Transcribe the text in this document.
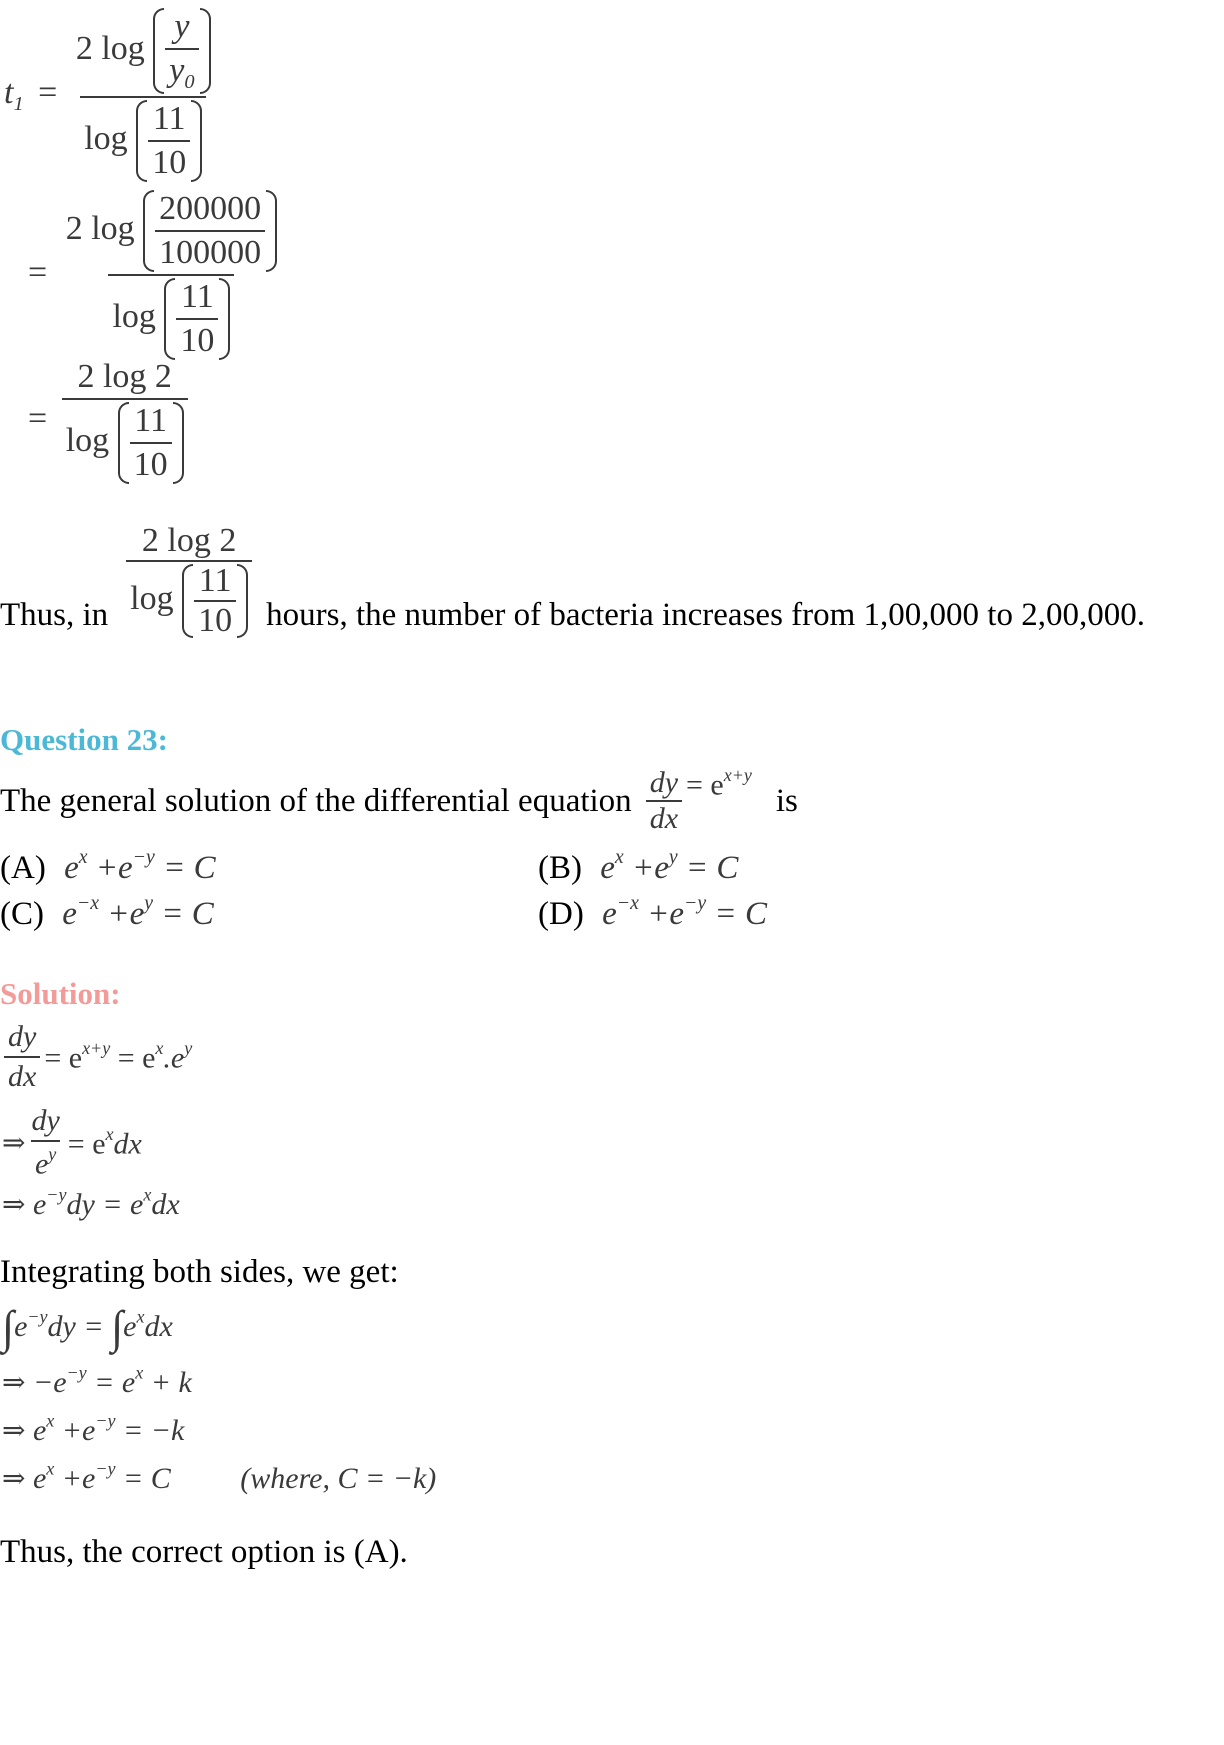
$t_1 = \frac{2 \log \frac{y}{y_0}}{\log \frac{11}{10}}$
= $\frac{2 \log \frac{200000}{100000}}{\log \frac{11}{10}}$
= $\frac{2 \log 2}{\log \frac{11}{10}}$
Thus, in $\frac{2 \log 2}{\log \frac{11}{10}}$ hours, the number of bacteria increases from 1,00,000 to 2,00,000.
Question 23:
The general solution of the differential equation $\frac{dy}{dx} = e^{x+y}$
is
(A) $e^x +e^{-y} = C$	(B) $e^x +e^y = C$
(C) $e^{-x} +e^y = C$	(D) $e^{-x} +e^{-y} = C$
Solution:
$\frac{dy}{dx} = e^{x+y} = e^x.e^y$
⇒ $\frac{dy}{e^y} = e^xdx$
⇒ $e^{-y}dy = e^xdx$
Integrating both sides, we get:
$\int e^{-y}dy = \int e^xdx$
⇒ $-e^{-y} = e^x + k$
⇒ $e^x +e^{-y} = -k$
⇒ $e^x +e^{-y} = C$ (where, C = −k)
Thus, the correct option is (A).
